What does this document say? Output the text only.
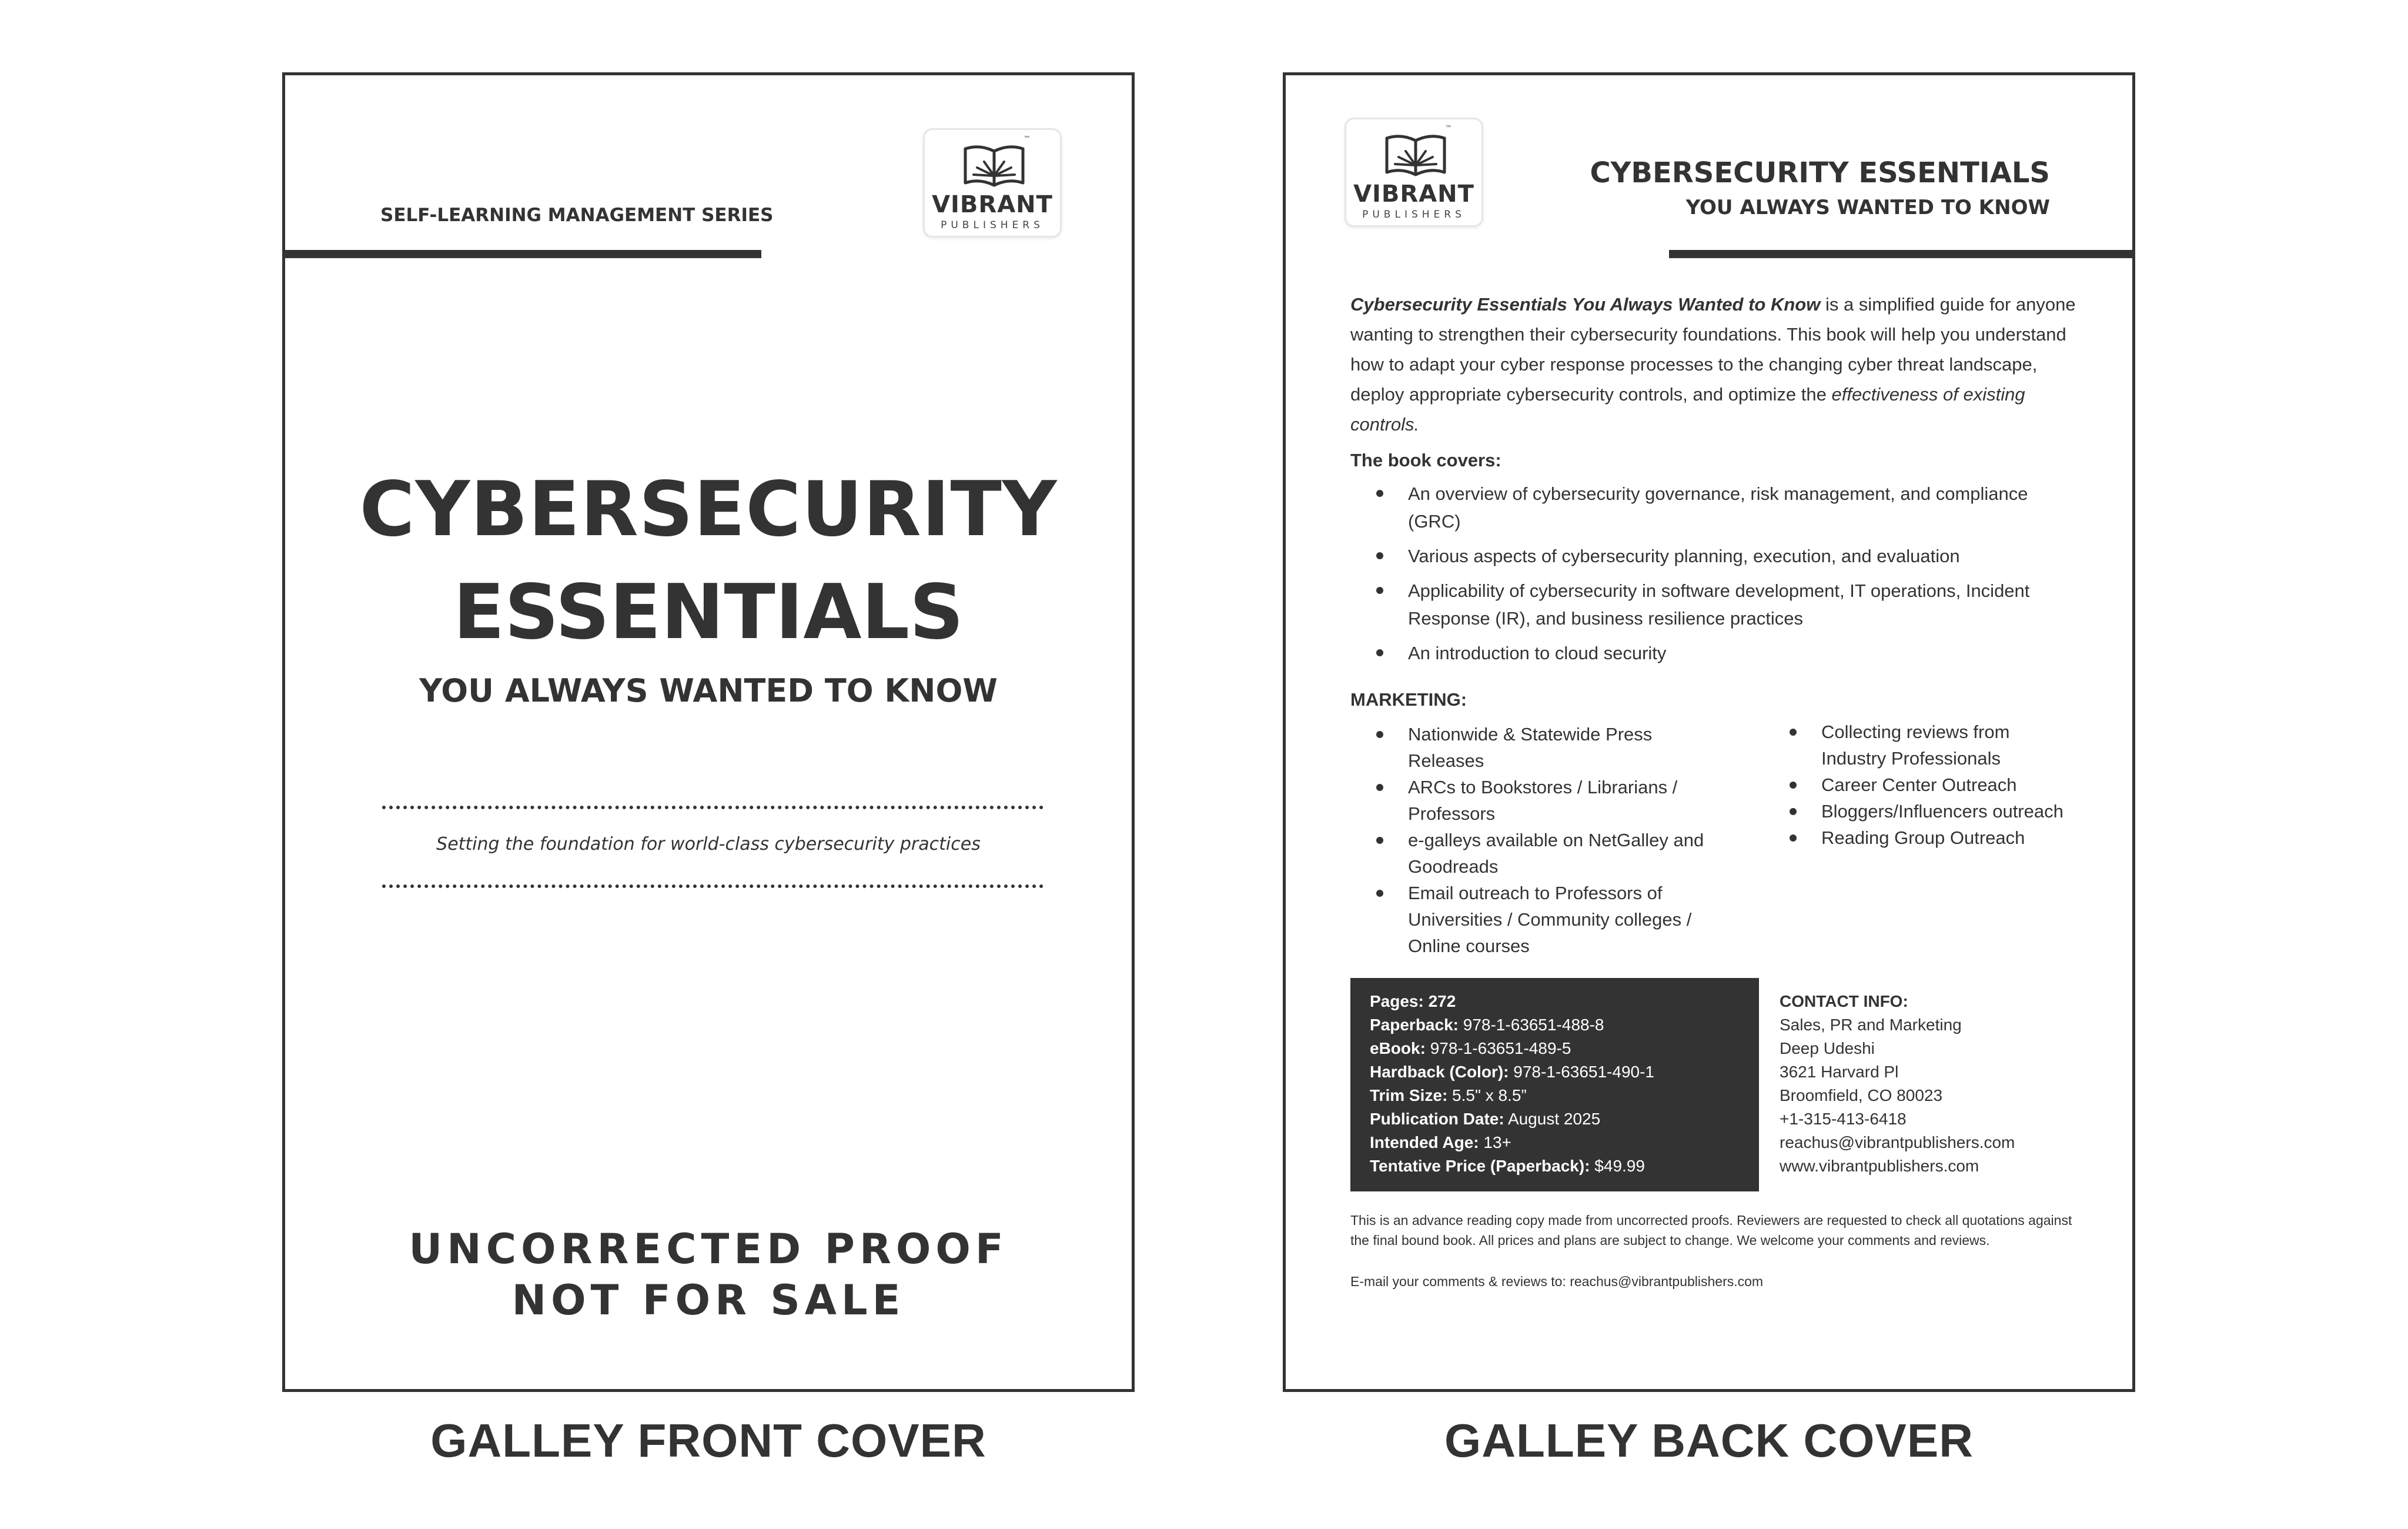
SELF-LEARNING MANAGEMENT SERIES
™
VIBRANT
PUBLISHERS
CYBERSECURITY
ESSENTIALS
YOU ALWAYS WANTED TO KNOW
Setting the foundation for world-class cybersecurity practices
UNCORRECTED PROOF
NOT FOR SALE
GALLEY FRONT COVER
™
VIBRANT
PUBLISHERS
CYBERSECURITY ESSENTIALS
YOU ALWAYS WANTED TO KNOW
Cybersecurity Essentials You Always Wanted to Know is a simplified guide for anyone wanting to strengthen their cybersecurity foundations. This book will help you understand how to adapt your cyber response processes to the changing cyber threat landscape, deploy appropriate cybersecurity controls, and optimize the effectiveness of existing controls.
The book covers:
An overview of cybersecurity governance, risk management, and compliance (GRC)
Various aspects of cybersecurity planning, execution, and evaluation
Applicability of cybersecurity in software development, IT operations, Incident Response (IR), and business resilience practices
An introduction to cloud security
MARKETING:
Nationwide & Statewide Press Releases
ARCs to Bookstores / Librarians / Professors
e-galleys available on NetGalley and Goodreads
Email outreach to Professors of Universities / Community colleges / Online courses
Collecting reviews from Industry Professionals
Career Center Outreach
Bloggers/Influencers outreach
Reading Group Outreach
Pages: 272
Paperback: 978-1-63651-488-8
eBook: 978-1-63651-489-5
Hardback (Color): 978-1-63651-490-1
Trim Size: 5.5" x 8.5”
Publication Date: August 2025
Intended Age: 13+
Tentative Price (Paperback): $49.99
CONTACT INFO:
Sales, PR and Marketing
Deep Udeshi
3621 Harvard Pl
Broomfield, CO 80023
+1-315-413-6418
reachus@vibrantpublishers.com
www.vibrantpublishers.com
This is an advance reading copy made from uncorrected proofs. Reviewers are requested to check all quotations against the final bound book. All prices and plans are subject to change. We welcome your comments and reviews.
E-mail your comments & reviews to: reachus@vibrantpublishers.com
GALLEY BACK COVER
